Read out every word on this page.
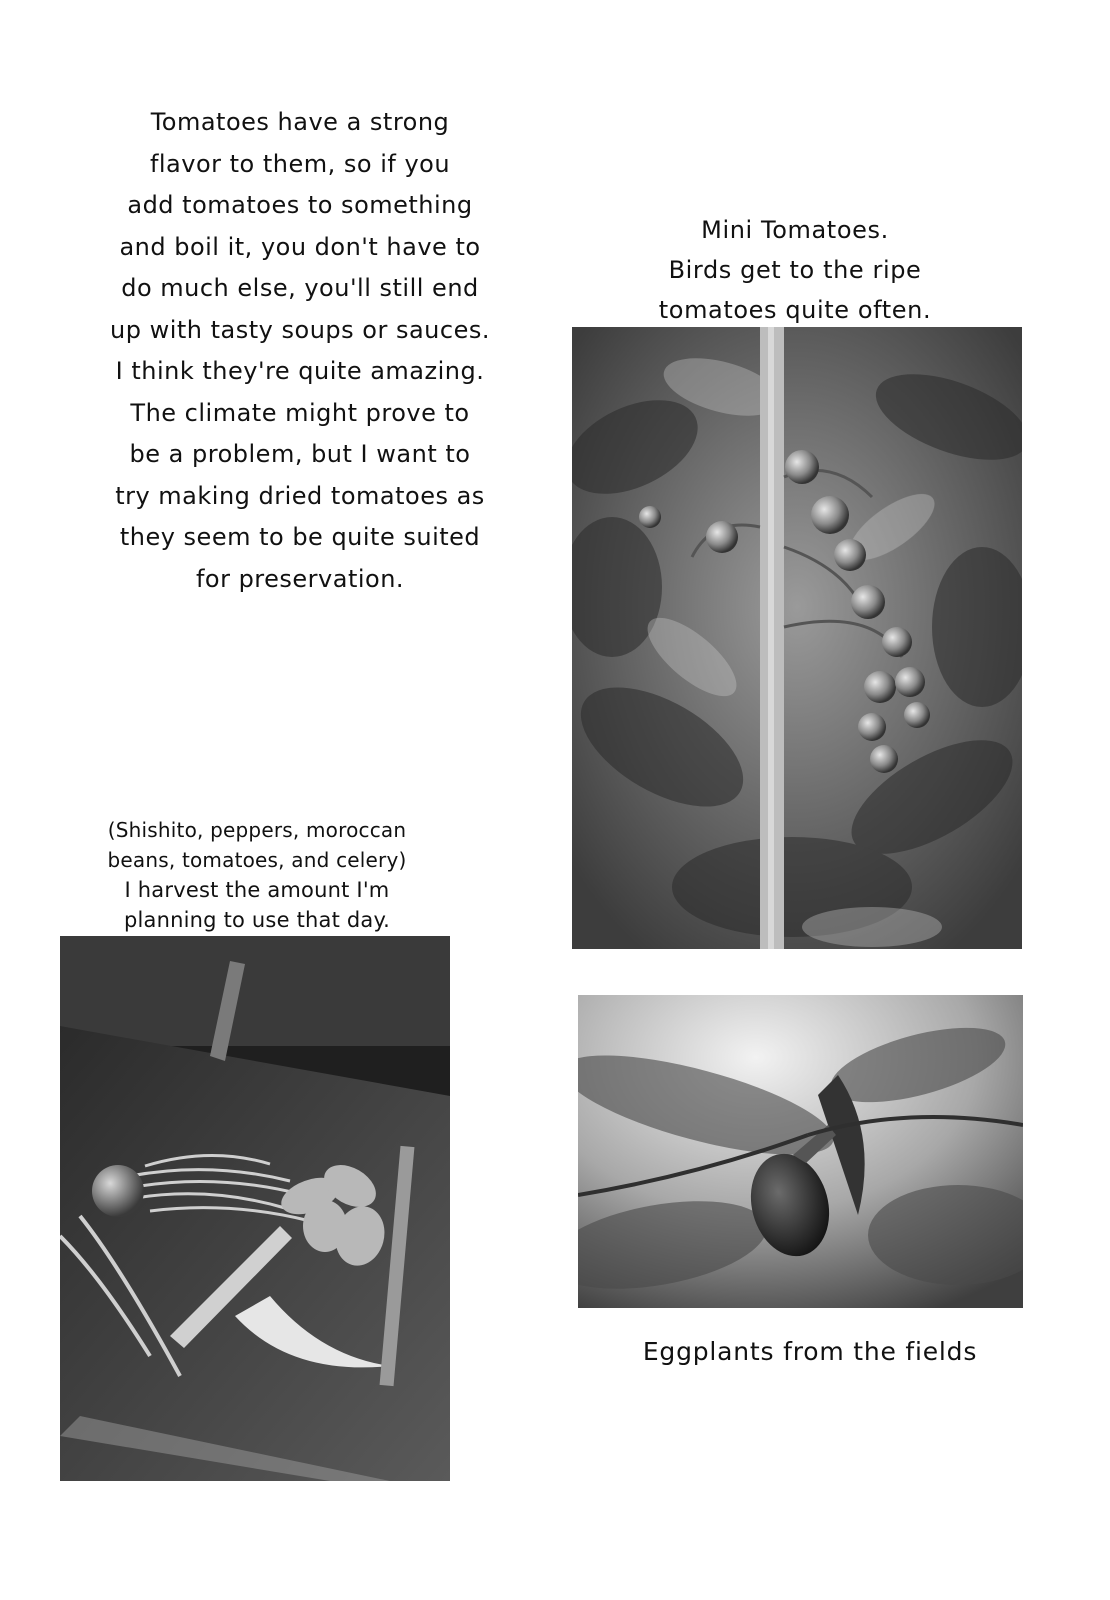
Tomatoes have a strong
flavor to them, so if you
add tomatoes to something
and boil it, you don't have to
do much else, you'll still end
up with tasty soups or sauces.
I think they're quite amazing.
The climate might prove to
be a problem, but I want to
try making dried tomatoes as
they seem to be quite suited
for preservation.
Mini Tomatoes.
Birds get to the ripe
tomatoes quite often.
(Shishito, peppers, moroccan
beans, tomatoes, and celery)
I harvest the amount I'm
planning to use that day.
Eggplants from the fields
